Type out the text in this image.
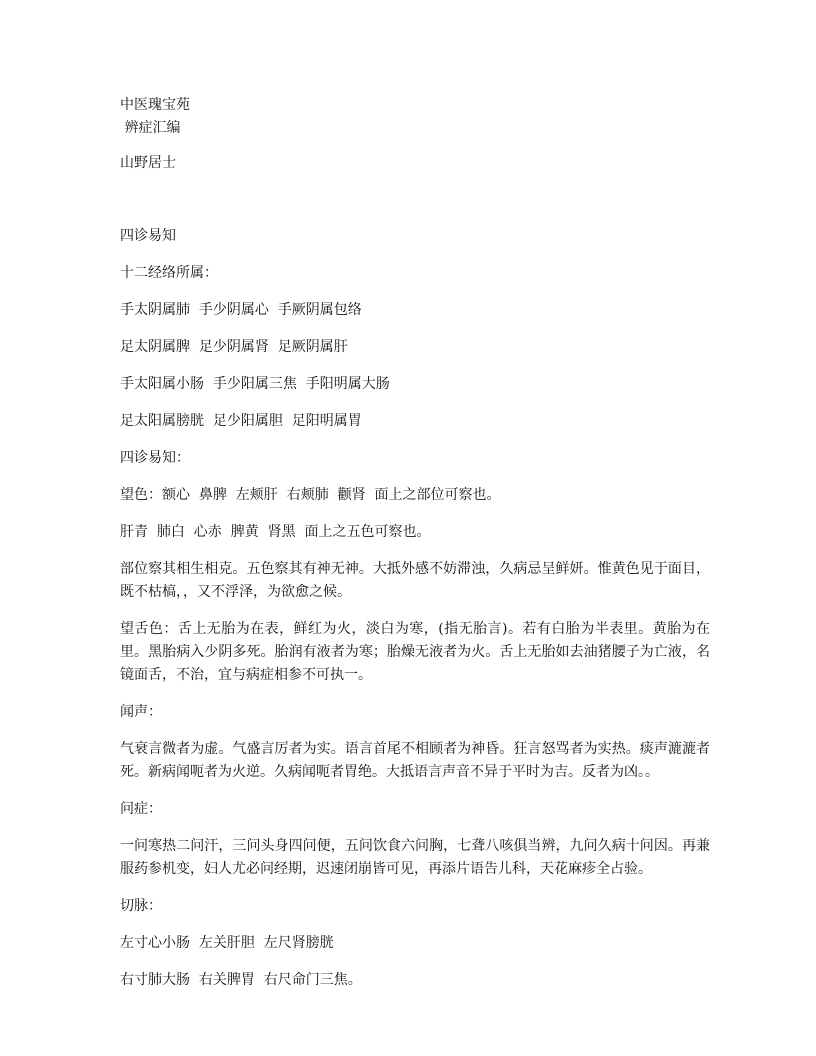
中医瑰宝苑

辨症汇编

山野居士

四诊易知

十二经络所属：

手太阴属肺  手少阴属心  手厥阴属包络

足太阴属脾  足少阴属肾  足厥阴属肝

手太阳属小肠  手少阳属三焦  手阳明属大肠

足太阳属膀胱  足少阳属胆  足阳明属胃

四诊易知：

望色：额心  鼻脾  左颊肝  右颊肺  颧肾  面上之部位可察也。

肝青  肺白  心赤  脾黄  肾黑  面上之五色可察也。

部位察其相生相克。五色察其有神无神。大抵外感不妨滞浊，久病忌呈鲜妍。惟黄色见于面目，既不枯槁，，又不浮泽，为欲愈之候。

望舌色：舌上无胎为在表，鲜红为火，淡白为寒，(指无胎言)。若有白胎为半表里。黄胎为在里。黑胎病入少阴多死。胎润有液者为寒；胎燥无液者为火。舌上无胎如去油猪腰子为亡液，名镜面舌，不治，宜与病症相参不可执一。

闻声：

气衰言微者为虚。气盛言厉者为实。语言首尾不相顾者为神昏。狂言怒骂者为实热。痰声漉漉者死。新病闻呃者为火逆。久病闻呃者胃绝。大抵语言声音不异于平时为吉。反者为凶。。

问症：

一问寒热二问汗，三问头身四问便，五问饮食六问胸，七聋八咳俱当辨，九问久病十问因。再兼服药参机变，妇人尤必问经期，迟速闭崩皆可见，再添片语告儿科，天花麻疹全占验。

切脉：

左寸心小肠  左关肝胆  左尺肾膀胱

右寸肺大肠  右关脾胃  右尺命门三焦。
